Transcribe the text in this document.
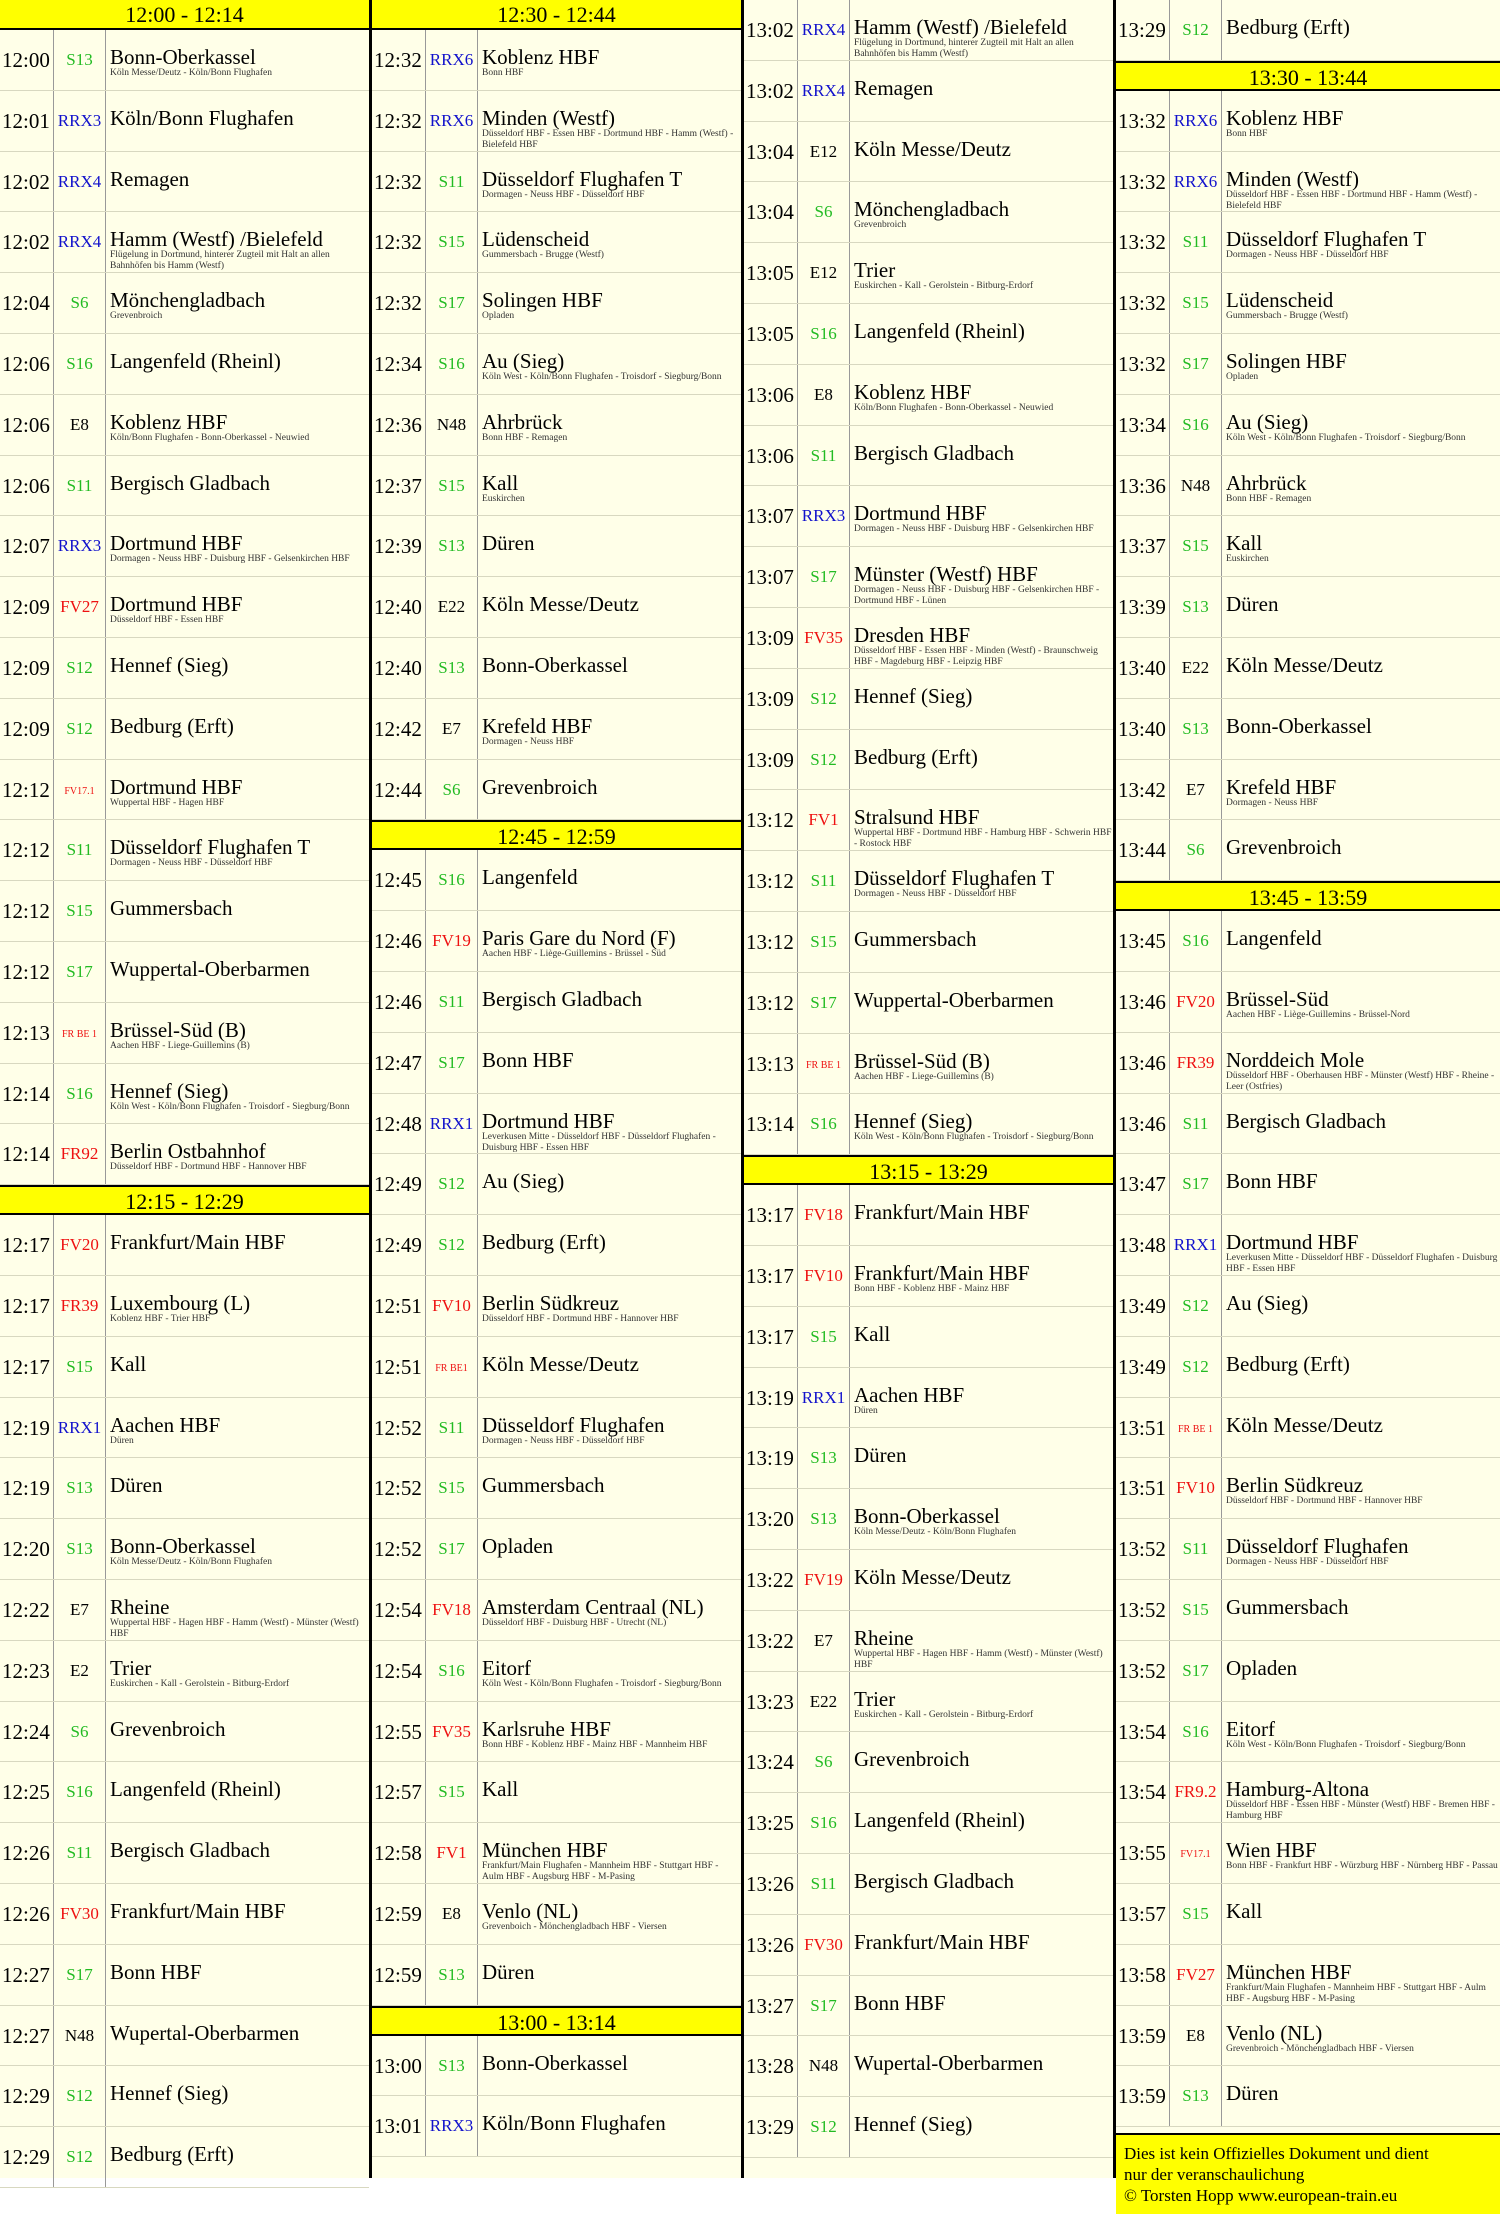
12:00 - 12:14
12:00 S13 Bonn-Oberkassel
Köln Messe/Deutz - Köln/Bonn Flughafen
12:01 RRX3 Köln/Bonn Flughafen
12:02 RRX4 Remagen
12:02 RRX4 Hamm (Westf) /Bielefeld
Flügelung in Dortmund, hinterer Zugteil mit Halt an allen Bahnhöfen bis Hamm (Westf)
12:04	S6	Mönchengladbach
Grevenbroich
12:06 S16 Langenfeld (Rheinl)
12:06	E8	Koblenz HBF
Köln/Bonn Flughafen - Bonn-Oberkassel - Neuwied
12:06 S11 Bergisch Gladbach
12:07 RRX3 Dortmund HBF
Dormagen - Neuss HBF - Duisburg HBF - Gelsenkirchen HBF
12:09 FV27 Dortmund HBF
Düsseldorf HBF - Essen HBF
12:09 S12 Hennef (Sieg)
12:09 S12 Bedburg (Erft)
12:12	FV17.1 Dortmund HBF
Wuppertal HBF - Hagen HBF
12:12 S11 Düsseldorf Flughafen T
Dormagen - Neuss HBF - Düsseldorf HBF
12:12 S15 Gummersbach
12:12 S17 Wuppertal-Oberbarmen
12:13	FR BE 1 Brüssel-Süd (B)
Aachen HBF - Liege-Guillemins (B)
12:14 S16 Hennef (Sieg)
Köln West - Köln/Bonn Flughafen - Troisdorf - Siegburg/Bonn
12:14 FR92 Berlin Ostbahnhof
Düsseldorf HBF - Dortmund HBF - Hannover HBF
12:15 - 12:29
12:17 FV20 Frankfurt/Main HBF
12:17 FR39 Luxembourg (L)
Koblenz HBF - Trier HBF
12:17 S15 Kall
12:19 RRX1 Aachen HBF
Düren
12:19 S13 Düren
12:20 S13 Bonn-Oberkassel
Köln Messe/Deutz - Köln/Bonn Flughafen
12:22	E7	Rheine
Wuppertal HBF - Hagen HBF - Hamm (Westf) - Münster (Westf) HBF
12:23	E2	Trier
Euskirchen - Kall - Gerolstein - Bitburg-Erdorf
12:24	S6	Grevenbroich
12:25 S16 Langenfeld (Rheinl)
12:26 S11 Bergisch Gladbach
12:26 FV30 Frankfurt/Main HBF
12:27 S17 Bonn HBF
12:27 N48 Wupertal-Oberbarmen
12:29 S12 Hennef (Sieg)
12:29 S12 Bedburg (Erft)
12:30 - 12:44
12:32 RRX6 Koblenz HBF
Bonn HBF
12:32 RRX6 Minden (Westf)
Düsseldorf HBF - Essen HBF - Dortmund HBF - Hamm (Westf) - Bielefeld HBF
12:32 S11 Düsseldorf Flughafen T
Dormagen - Neuss HBF - Düsseldorf HBF
12:32 S15 Lüdenscheid
Gummersbach - Brugge (Westf)
12:32 S17 Solingen HBF
Opladen
12:34 S16 Au (Sieg)
Köln West - Köln/Bonn Flughafen - Troisdorf - Siegburg/Bonn
12:36 N48 Ahrbrück
Bonn HBF - Remagen
12:37 S15 Kall
Euskirchen
12:39 S13 Düren
12:40 E22 Köln Messe/Deutz
12:40 S13 Bonn-Oberkassel
12:42	E7	Krefeld HBF
Dormagen - Neuss HBF
12:44	S6	Grevenbroich
12:45 - 12:59
12:45 S16 Langenfeld
12:46 FV19 Paris Gare du Nord (F)
Aachen HBF - Liège-Guillemins - Brüssel - Süd
12:46 S11 Bergisch Gladbach
12:47 S17 Bonn HBF
12:48 RRX1 Dortmund HBF
Leverkusen Mitte - Düsseldorf HBF - Düsseldorf Flughafen - Duisburg HBF - Essen HBF
12:49 S12 Au (Sieg)
12:49 S12 Bedburg (Erft)
12:51 FV10 Berlin Südkreuz
Düsseldorf HBF - Dortmund HBF - Hannover HBF
12:51	FR BE1 Köln Messe/Deutz
12:52 S11 Düsseldorf Flughafen
Dormagen - Neuss HBF - Düsseldorf HBF
12:52 S15 Gummersbach
12:52 S17 Opladen
12:54 FV18 Amsterdam Centraal (NL)
Düsseldorf HBF - Duisburg HBF - Utrecht (NL)
12:54 S16 Eitorf
Köln West - Köln/Bonn Flughafen - Troisdorf - Siegburg/Bonn
12:55 FV35 Karlsruhe HBF
Bonn HBF - Koblenz HBF - Mainz HBF - Mannheim HBF
12:57 S15 Kall
12:58 FV1 München HBF
Frankfurt/Main Flughafen - Mannheim HBF - Stuttgart HBF - Aulm HBF - Augsburg HBF - M-Pasing
12:59	E8	Venlo (NL)
Grevenboich - Mönchengladbach HBF - Viersen
12:59 S13 Düren
13:00 - 13:14
13:00 S13 Bonn-Oberkassel
13:01 RRX3 Köln/Bonn Flughafen
13:02 RRX4 Hamm (Westf) /Bielefeld
Flügelung in Dortmund, hinterer Zugteil mit Halt an allen Bahnhöfen bis Hamm (Westf)
13:02 RRX4 Remagen
13:04 E12 Köln Messe/Deutz
13:04	S6	Mönchengladbach
Grevenbroich
13:05 E12 Trier
Euskirchen - Kall - Gerolstein - Bitburg-Erdorf
13:05 S16 Langenfeld (Rheinl)
13:06	E8	Koblenz HBF
Köln/Bonn Flughafen - Bonn-Oberkassel - Neuwied
13:06 S11 Bergisch Gladbach
13:07 RRX3 Dortmund HBF
Dormagen - Neuss HBF - Duisburg HBF - Gelsenkirchen HBF
13:07 S17 Münster (Westf) HBF
Dormagen - Neuss HBF - Duisburg HBF - Gelsenkirchen HBF - Dortmund HBF - Lünen
13:09 FV35 Dresden HBF
Düsseldorf HBF - Essen HBF - Minden (Westf) - Braunschweig HBF - Magdeburg HBF - Leipzig HBF
13:09 S12 Hennef (Sieg)
13:09 S12 Bedburg (Erft)
13:12 FV1 Stralsund HBF
Wuppertal HBF - Dortmund HBF - Hamburg HBF - Schwerin HBF - Rostock HBF
13:12 S11 Düsseldorf Flughafen T
Dormagen - Neuss HBF - Düsseldorf HBF
13:12 S15 Gummersbach
13:12 S17 Wuppertal-Oberbarmen
13:13	FR BE 1 Brüssel-Süd (B)
Aachen HBF - Liege-Guillemins (B)
13:14 S16 Hennef (Sieg)
Köln West - Köln/Bonn Flughafen - Troisdorf - Siegburg/Bonn
13:15 - 13:29
13:17 FV18 Frankfurt/Main HBF
13:17 FV10 Frankfurt/Main HBF
Bonn HBF - Koblenz HBF - Mainz HBF
13:17 S15 Kall
13:19 RRX1 Aachen HBF
Düren
13:19 S13 Düren
13:20 S13 Bonn-Oberkassel
Köln Messe/Deutz - Köln/Bonn Flughafen
13:22 FV19 Köln Messe/Deutz
13:22	E7	Rheine
Wuppertal HBF - Hagen HBF - Hamm (Westf) - Münster (Westf) HBF
13:23 E22 Trier
Euskirchen - Kall - Gerolstein - Bitburg-Erdorf
13:24	S6	Grevenbroich
13:25 S16 Langenfeld (Rheinl)
13:26 S11 Bergisch Gladbach
13:26 FV30 Frankfurt/Main HBF
13:27 S17 Bonn HBF
13:28 N48 Wupertal-Oberbarmen
13:29 S12 Hennef (Sieg)
13:29 S12 Bedburg (Erft)
13:30 - 13:44
13:32 RRX6 Koblenz HBF
Bonn HBF
13:32 RRX6 Minden (Westf)
Düsseldorf HBF - Essen HBF - Dortmund HBF - Hamm (Westf) - Bielefeld HBF
13:32 S11 Düsseldorf Flughafen T
Dormagen - Neuss HBF - Düsseldorf HBF
13:32 S15 Lüdenscheid
Gummersbach - Brugge (Westf)
13:32 S17 Solingen HBF
Opladen
13:34 S16 Au (Sieg)
Köln West - Köln/Bonn Flughafen - Troisdorf - Siegburg/Bonn
13:36 N48 Ahrbrück
Bonn HBF - Remagen
13:37 S15 Kall
Euskirchen
13:39 S13 Düren
13:40 E22 Köln Messe/Deutz
13:40 S13 Bonn-Oberkassel
13:42	E7	Krefeld HBF
Dormagen - Neuss HBF
13:44	S6	Grevenbroich
13:45 - 13:59
13:45 S16 Langenfeld
13:46 FV20 Brüssel-Süd
Aachen HBF - Liège-Guillemins - Brüssel-Nord
13:46 FR39 Norddeich Mole
Düsseldorf HBF - Oberhausen HBF - Münster (Westf) HBF - Rheine - Leer (Ostfries)
13:46 S11 Bergisch Gladbach
13:47 S17 Bonn HBF
13:48 RRX1 Dortmund HBF
Leverkusen Mitte - Düsseldorf HBF - Düsseldorf Flughafen - Duisburg HBF - Essen HBF
13:49 S12 Au (Sieg)
13:49 S12 Bedburg (Erft)
13:51	FR BE 1 Köln Messe/Deutz
13:51 FV10 Berlin Südkreuz
Düsseldorf HBF - Dortmund HBF - Hannover HBF
13:52 S11 Düsseldorf Flughafen
Dormagen - Neuss HBF - Düsseldorf HBF
13:52 S15 Gummersbach
13:52 S17 Opladen
13:54 S16 Eitorf
Köln West - Köln/Bonn Flughafen - Troisdorf - Siegburg/Bonn
13:54 FR9.2 Hamburg-Altona
Düsseldorf HBF - Essen HBF - Münster (Westf) HBF - Bremen HBF - Hamburg HBF
13:55	FV17.1 Wien HBF
Bonn HBF - Frankfurt HBF - Würzburg HBF - Nürnberg HBF - Passau
13:57 S15 Kall
13:58 FV27 München HBF
Frankfurt/Main Flughafen - Mannheim HBF - Stuttgart HBF - Aulm HBF - Augsburg HBF - M-Pasing
13:59	E8	Venlo (NL)
Grevenbroich - Mönchengladbach HBF - Viersen
13:59 S13 Düren
Dies ist kein Offizielles Dokument und dient
nur der veranschaulichung
© Torsten Hopp www.european-train.eu
